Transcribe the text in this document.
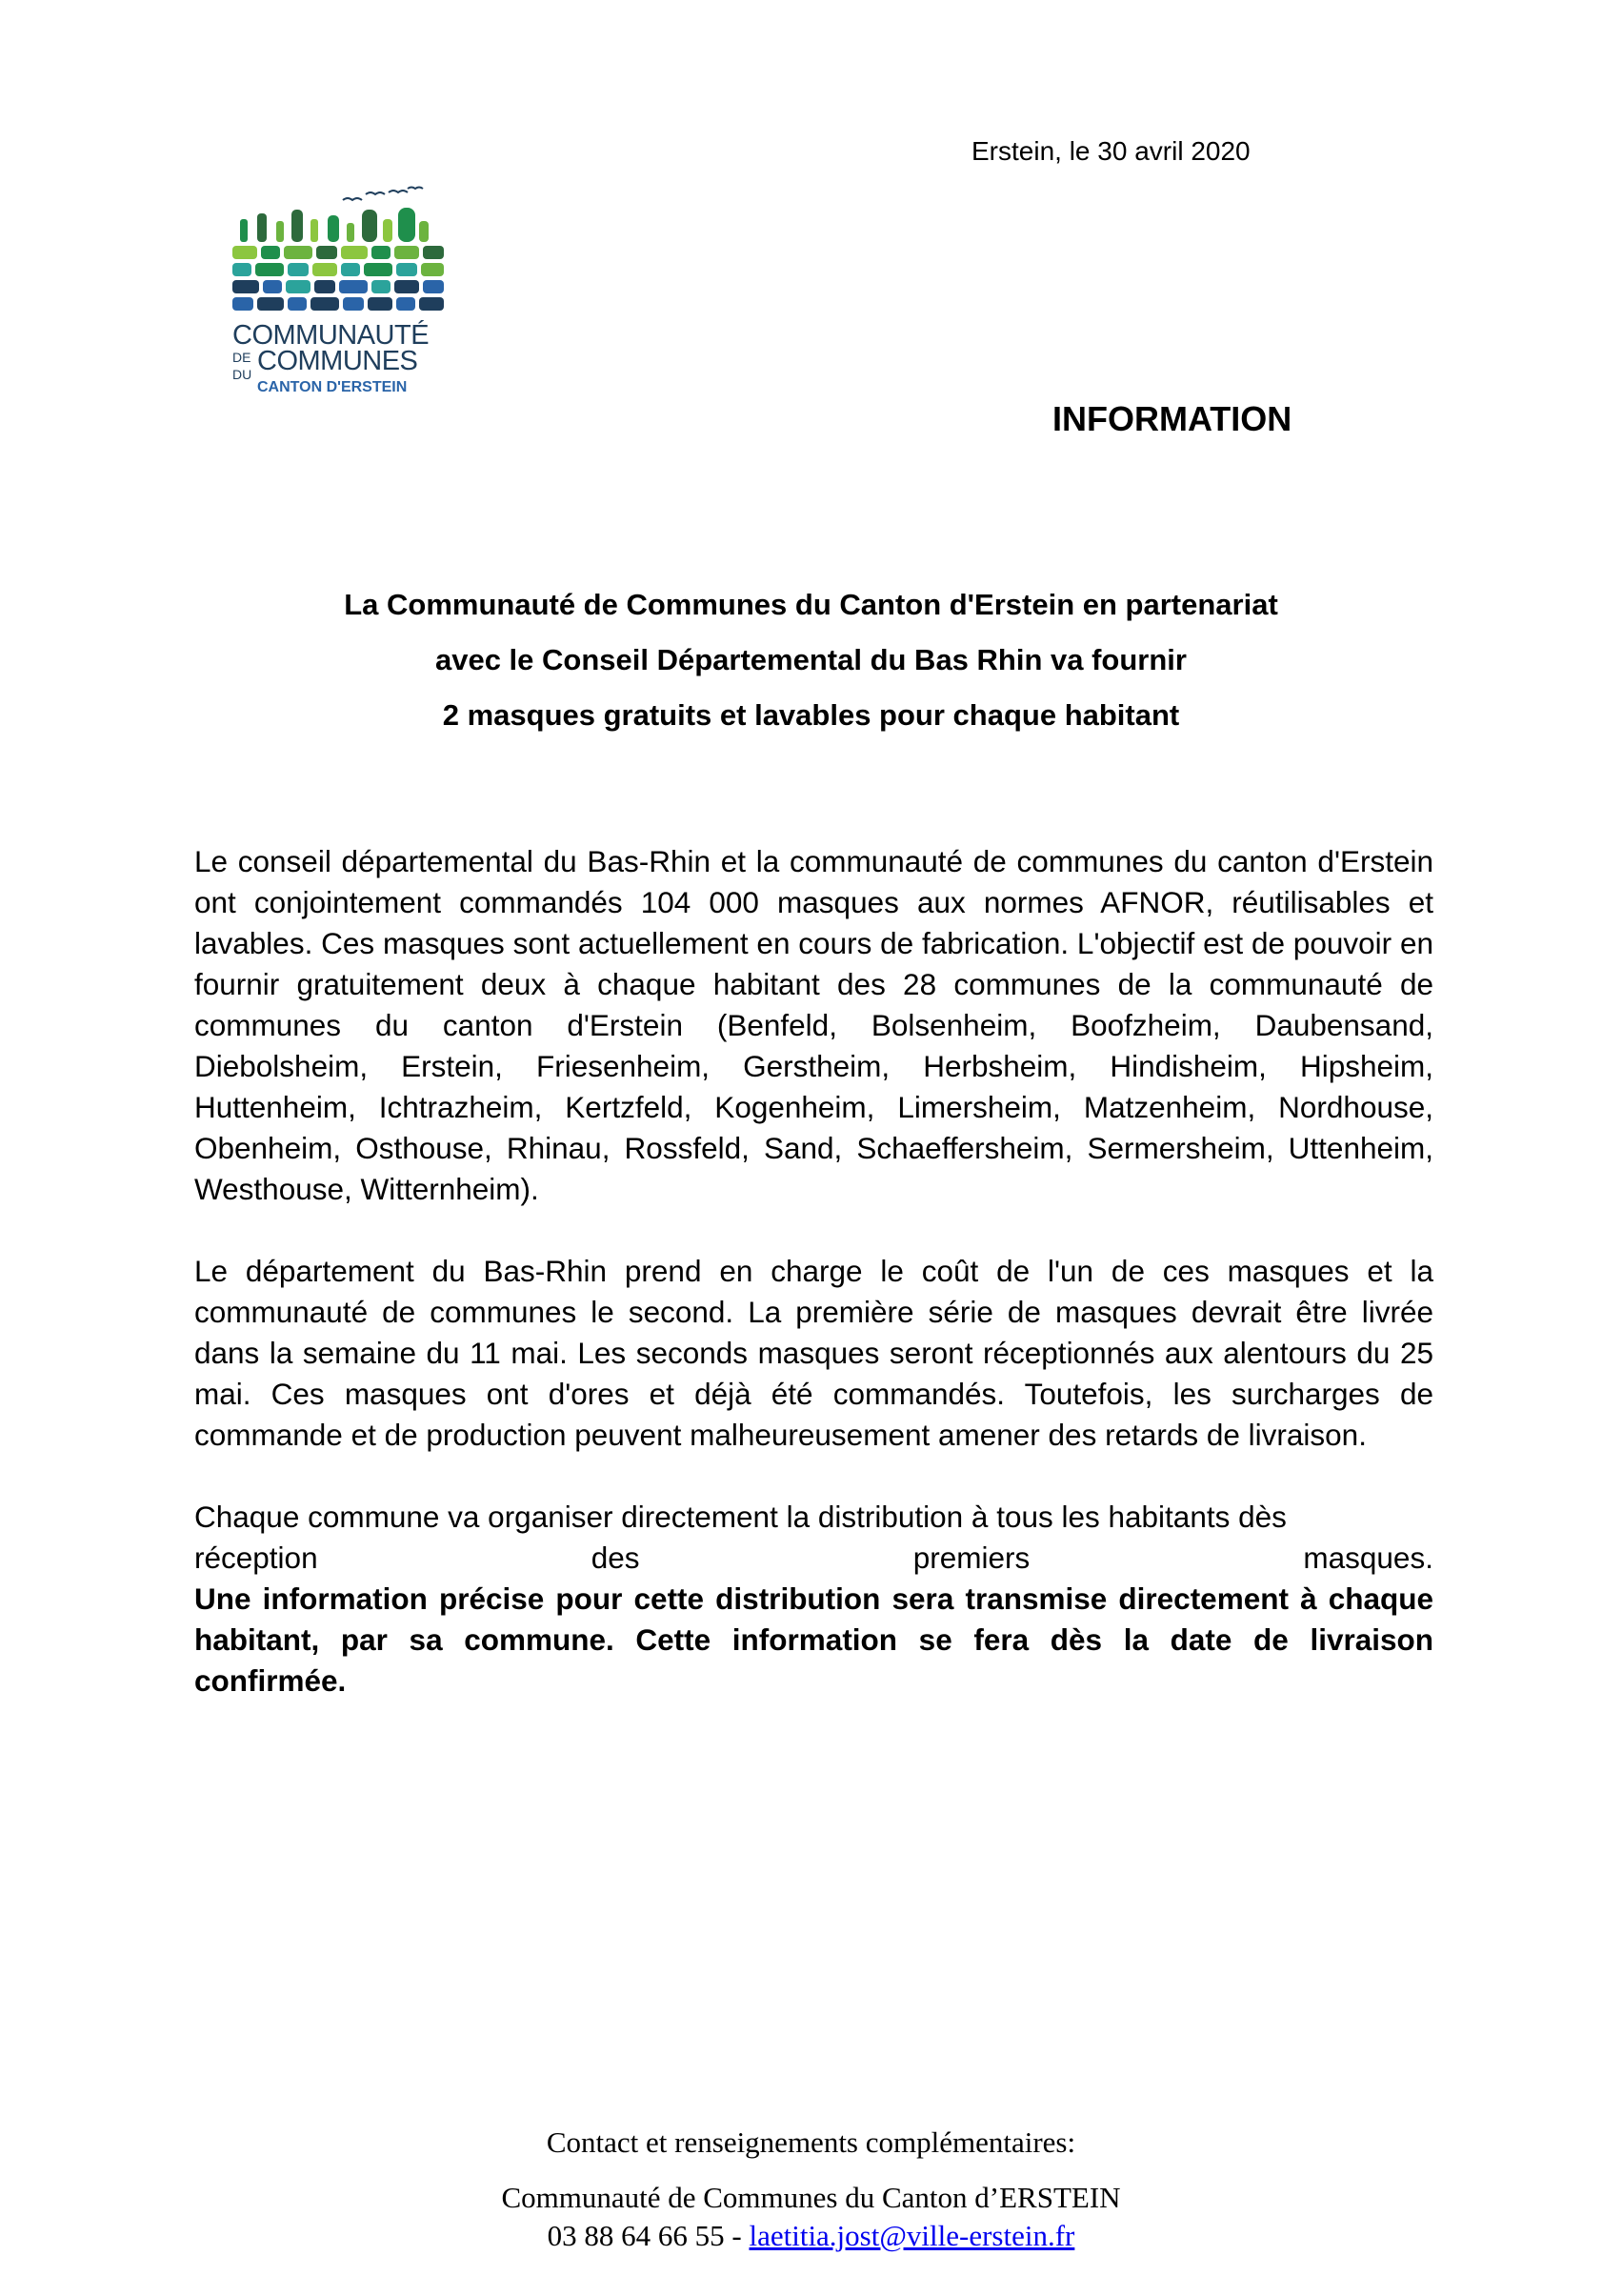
Erstein, le 30 avril 2020
COMMUNAUTÉ
DE
DU COMMUNES
CANTON D'ERSTEIN
INFORMATION
La Communauté de Communes du Canton d'Erstein en partenariat
avec le Conseil Départemental du Bas Rhin va fournir
2 masques gratuits et lavables pour chaque habitant

Le conseil départemental du Bas-Rhin et la communauté de communes du canton d'Erstein ont conjointement commandés 104 000 masques aux normes AFNOR, réutilisables et lavables. Ces masques sont actuellement en cours de fabrication. L'objectif est de pouvoir en fournir gratuitement deux à chaque habitant des 28 communes de la communauté de communes du canton d'Erstein (Benfeld, Bolsenheim, Boofzheim, Daubensand, Diebolsheim, Erstein, Friesenheim, Gerstheim, Herbsheim, Hindisheim, Hipsheim, Huttenheim, Ichtrazheim, Kertzfeld, Kogenheim, Limersheim, Matzenheim, Nordhouse, Obenheim, Osthouse, Rhinau, Rossfeld, Sand, Schaeffersheim, Sermersheim, Uttenheim, Westhouse, Witternheim).

Le département du Bas-Rhin prend en charge le coût de l'un de ces masques et la communauté de communes le second. La première série de masques devrait être livrée dans la semaine du 11 mai. Les seconds masques seront réceptionnés aux alentours du 25 mai. Ces masques ont d'ores et déjà été commandés. Toutefois, les surcharges de commande et de production peuvent malheureusement amener des retards de livraison.

Chaque commune va organiser directement la distribution à tous les habitants dès
réception	des	premiers	masques.
Une information précise pour cette distribution sera transmise directement à chaque habitant, par sa commune. Cette information se fera dès la date de livraison confirmée.
Contact et renseignements complémentaires:
Communauté de Communes du Canton d’ERSTEIN
03 88 64 66 55 - laetitia.jost@ville-erstein.fr
